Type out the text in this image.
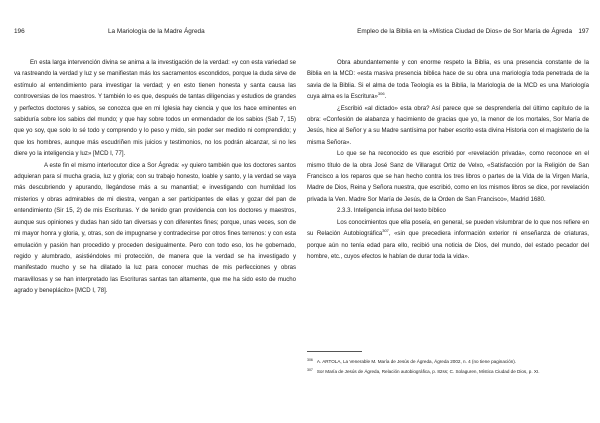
196	La Mariología de la Madre Ágreda

En esta larga intervención divina se anima a la investigación de la verdad: «y con esta variedad se va rastreando la verdad y luz y se manifiestan más los sacramentos escondidos, porque la duda sirve de estímulo al entendimiento para investigar la verdad; y en esto tienen honesta y santa causa las controversias de los maestros. Y también lo es que, después de tantas diligencias y estudios de grandes y perfectos doctores y sabios, se conozca que en mi Iglesia hay ciencia y que los hace eminentes en sabiduría sobre los sabios del mundo; y que hay sobre todos un enmendador de los sabios (Sab 7, 15) que yo soy, que solo lo sé todo y comprendo y lo peso y mido, sin poder ser medido ni comprendido; y que los hombres, aunque más escudriñen mis juicios y testimonios, no los podrán alcanzar, si no les diere yo la inteligencia y luz» [MCD I, 77].

A este fin el mismo interlocutor dice a Sor Ágreda: «y quiero también que los doctores santos adquieran para sí mucha gracia, luz y gloria; con su trabajo honesto, loable y santo, y la verdad se vaya más descubriendo y apurando, llegándose más a su manantial; e investigando con humildad los misterios y obras admirables de mi diestra, vengan a ser participantes de ellas y gozar del pan de entendimiento (Sir 15, 2) de mis Escrituras. Y de tenido gran providencia con los doctores y maestros, aunque sus opiniones y dudas han sido tan diversas y con diferentes fines; porque, unas veces, son de mi mayor honra y gloria, y, otras, son de impugnarse y contradecirse por otros fines terrenos: y con esta emulación y pasión han procedido y proceden desigualmente. Pero con todo eso, los he gobernado, regido y alumbrado, asistiéndoles mi protección, de manera que la verdad se ha investigado y manifestado mucho y se ha dilatado la luz para conocer muchas de mis perfecciones y obras maravillosas y se han interpretado las Escrituras santas tan altamente, que me ha sido esto de mucho agrado y beneplácito» [MCD I, 78].

Empleo de la Biblia en la «Mística Ciudad de Dios» de Sor María de Ágreda 197

Obra abundantemente y con enorme respeto la Biblia, es una presencia constante de la Biblia en la MCD: «esta masiva presencia biblica hace de su obra una mariología toda penetrada de la savia de la Biblia. Si el alma de toda Teología es la Biblia, la Mariología de la MCD es una Mariología cuya alma es la Escritura»$^{306}$.

¿Escribió «al dictado» esta obra? Así parece que se desprendería del último capítulo de la obra: «Confesión de alabanza y hacimiento de gracias que yo, la menor de los mortales, Sor María de Jesús, hice al Señor y a su Madre santísima por haber escrito esta divina Historia con el magisterio de la misma Señora».

Lo que se ha reconocido es que escribió por «revelación privada», como reconoce en el mismo título de la obra José Sanz de Villaragut Ortiz de Velxo, «Satisfacción por la Religión de San Francisco a los reparos que se han hecho contra los tres libros o partes de la Vida de la Virgen María, Madre de Dios, Reina y Señora nuestra, que escribió, como en los mismos libros se dice, por revelación privada la Ven. Madre Sor María de Jesús, de la Orden de San Francisco», Madrid 1680.

2.3.3. Inteligencia infusa del texto bíblico

Los conocimientos que ella poseía, en general, se pueden vislumbrar de lo que nos refiere en su Relación Autobiográfica$^{307}$, «sin que precediera información exterior ni enseñanza de criaturas, porque aún no tenía edad para ello, recibió una noticia de Dios, del mundo, del estado pecador del hombre, etc., cuyos efectos le habían de durar toda la vida».

$^{306}$ A. ARTOLA, La Venerable M. María de Jesús de Ágreda, Ágreda 2002, n. 4 (no tiene paginación).

$^{307}$ Sor María de Jesús de Ágreda, Relación autobiográfica, p. 82ss; C. Solaguren, Mística Ciudad de Dios, p. XI.
